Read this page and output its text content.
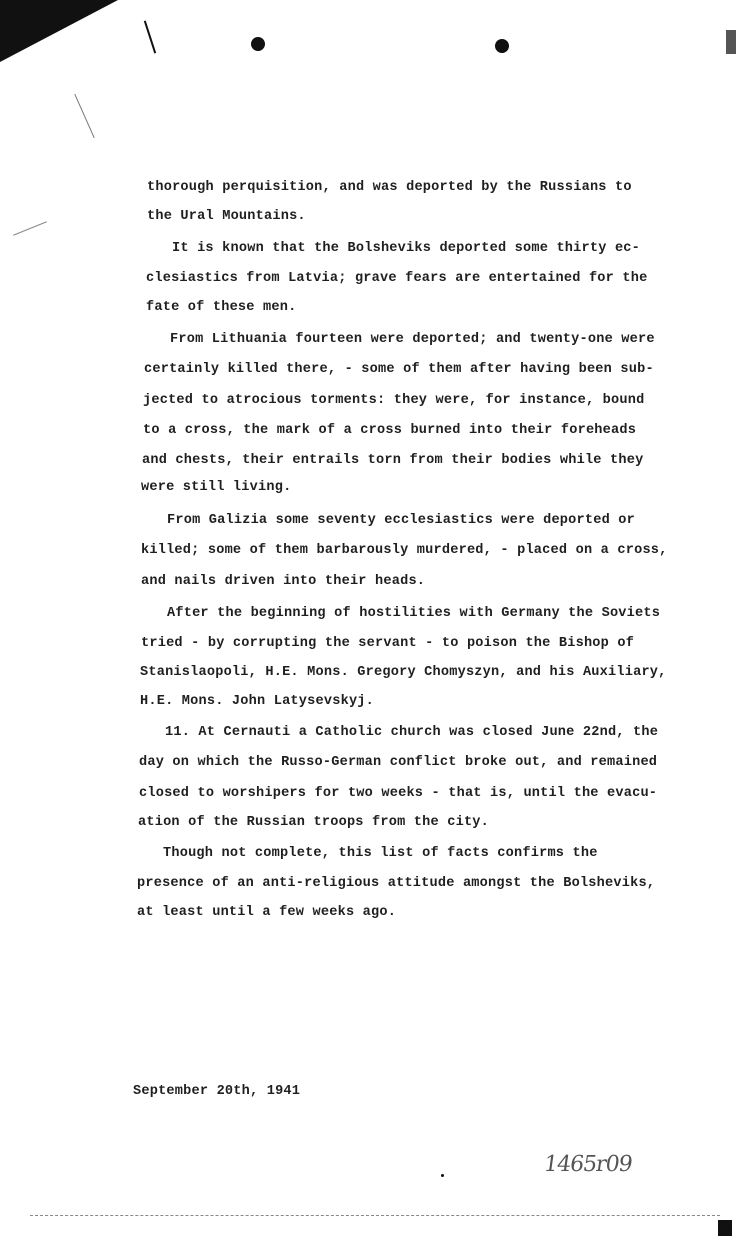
thorough perquisition, and was deported by the Russians to
the Ural Mountains.
It is known that the Bolsheviks deported some thirty ec-
clesiastics from Latvia; grave fears are entertained for the
fate of these men.
From Lithuania fourteen were deported; and twenty-one were
certainly killed there, - some of them after having been sub-
jected to atrocious torments: they were, for instance, bound
to a cross, the mark of a cross burned into their foreheads
and chests, their entrails torn from their bodies while they
were still living.
From Galizia some seventy ecclesiastics were deported or
killed; some of them barbarously murdered, - placed on a cross,
and nails driven into their heads.
After the beginning of hostilities with Germany the Soviets
tried - by corrupting the servant - to poison the Bishop of
Stanislaopoli, H.E. Mons. Gregory Chomyszyn, and his Auxiliary,
H.E. Mons. John Latysevskyj.
11. At Cernauti a Catholic church was closed June 22nd, the
day on which the Russo-German conflict broke out, and remained
closed to worshipers for two weeks - that is, until the evacu-
ation of the Russian troops from the city.
Though not complete, this list of facts confirms the
presence of an anti-religious attitude amongst the Bolsheviks,
at least until a few weeks ago.
September 20th, 1941
1465r09
